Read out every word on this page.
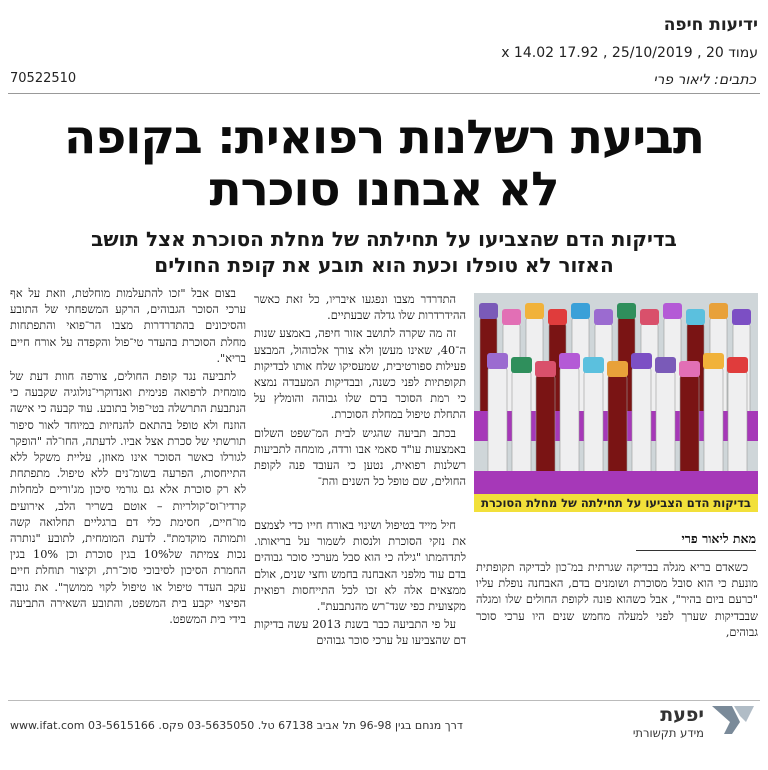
ידיעות חיפה
עמוד 20 , 25/10/2019 , 17.92 x 14.02
70522510	כתבים: ליאור פרי
תביעת רשלנות רפואית: בקופה
לא אבחנו סוכרת
בדיקות הדם שהצביעו על תחילתה של מחלת הסוכרת אצל תושב
האזור לא טופלו וכעת הוא תובע את קופת החולים
בדיקות הדם הצביעו על תחילתה של מחלת הסוכרת
מאת ליאור פרי

כשאדם בריא מגלה בבדיקה שגרתית במ־כון לבדיקה תקופתית מונעת כי הוא סובל מסוכרת ושומנים בדם, האבחנה נופלת עליו "כרעם ביום בהיר", אבל כשהוא פונה לקופת החולים שלו ומגלה שבבדיקות שערך לפני למעלה מחמש שנים היו ערכי סוכר גבוהים,

התדרדר מצבו ונפגעו איבריו, כל זאת כאשר ההידרדרות שלו גדלה שבעתיים.

זה מה שקרה לתושב אזור חיפה, באמצע שנות ה־40, שאינו מעשן ולא צורך אלכוהול, המבצע פעילות ספורטיבית, שמעסיקו שלח אותו לבדיקות תקופתיות לפני כשנה, ובבדיקות המעבדה נמצא כי רמת הסוכר בדם שלו גבוהה והומלץ על התחלת טיפול במחלת הסוכרת.

בכתב תביעה שהגיש לבית המ־שפט השלום באמצעות עו"ד סאמי אבו ורדה, מומחה לתביעות רשלנות רפואית, נטען כי העובד פנה לקופת החולים, שם טופל כל השנים והת־

חיל מייד בטיפול ושינוי באורח חייו כדי לצמצם את נזקי הסוכרת ולנסות לשמור על בריאותו. לתדהמתו "גילה כי הוא סבל מערכי סוכר גבוהים בדם עוד מלפני האבחנה בחמש וחצי שנים, אולם ממצאים אלה לא זכו לכל התייחסות רפואית מקצועית כפי שנד־רש מהנתבעת".

על פי התביעה כבר בשנת 2013 עשה בדיקות דם שהצביעו על ערכי סוכר גבוהים

בצום אבל "זכו להתעלמות מוחלטת, וזאת על אף ערכי הסוכר הגבוהים, הרקע המשפחתי של התובע והסיכונים בהתדרדרות מצבו הר־פואי והתפתחות מחלת הסוכרת בהעדר טי־פול והקפדה על אורח חיים בריא".

לתביעה נגד קופת החולים, צורפה חוות דעת של מומחית לרפואה פנימית ואנדוקרי־נולוגיה שקבעה כי הנתבעת התרשלה בטי־פול בתובע. עוד קבעה כי אישה הוזנח ולא טופל בהתאם להנחיות במיוחד לאור סיפור תורשתי של סכרת אצל אביו. לדעתה, החו־לה "הופקר לגורלו כאשר הסוכר אינו מאוזן, עליית משקל ללא התייחסות, הפרעה בשומ־נים ללא טיפול. מתפתחת לא רק סוכרת אלא גם גורמי סיכון מג'וריים למחלות קרדיו־וס־קולריות – אוטם בשריר הלב, אירועים מו־חיים, חסימת כלי דם ברגליים תחלואה קשה ותמותה מוקדמת". לדעת המומחית, לתובע "נותרה נכות צמיתה של10% בגין סוכרת וכן 10% בגין החמרת הסיכון לסיבוכי סוכ־רת, וקיצור תוחלת חיים עקב העדר טיפול או טיפול לקוי ממושך". את גובה הפיצוי יקבע בית המשפט, והתובע השאירה התביעה בידי בית המשפט.

יפעת
מידע תקשורתי
דרך מנחם בגין 96-98 תל אביב 67138 טל. 03-5635050 פקס. 03-5615166 www.ifat.com
